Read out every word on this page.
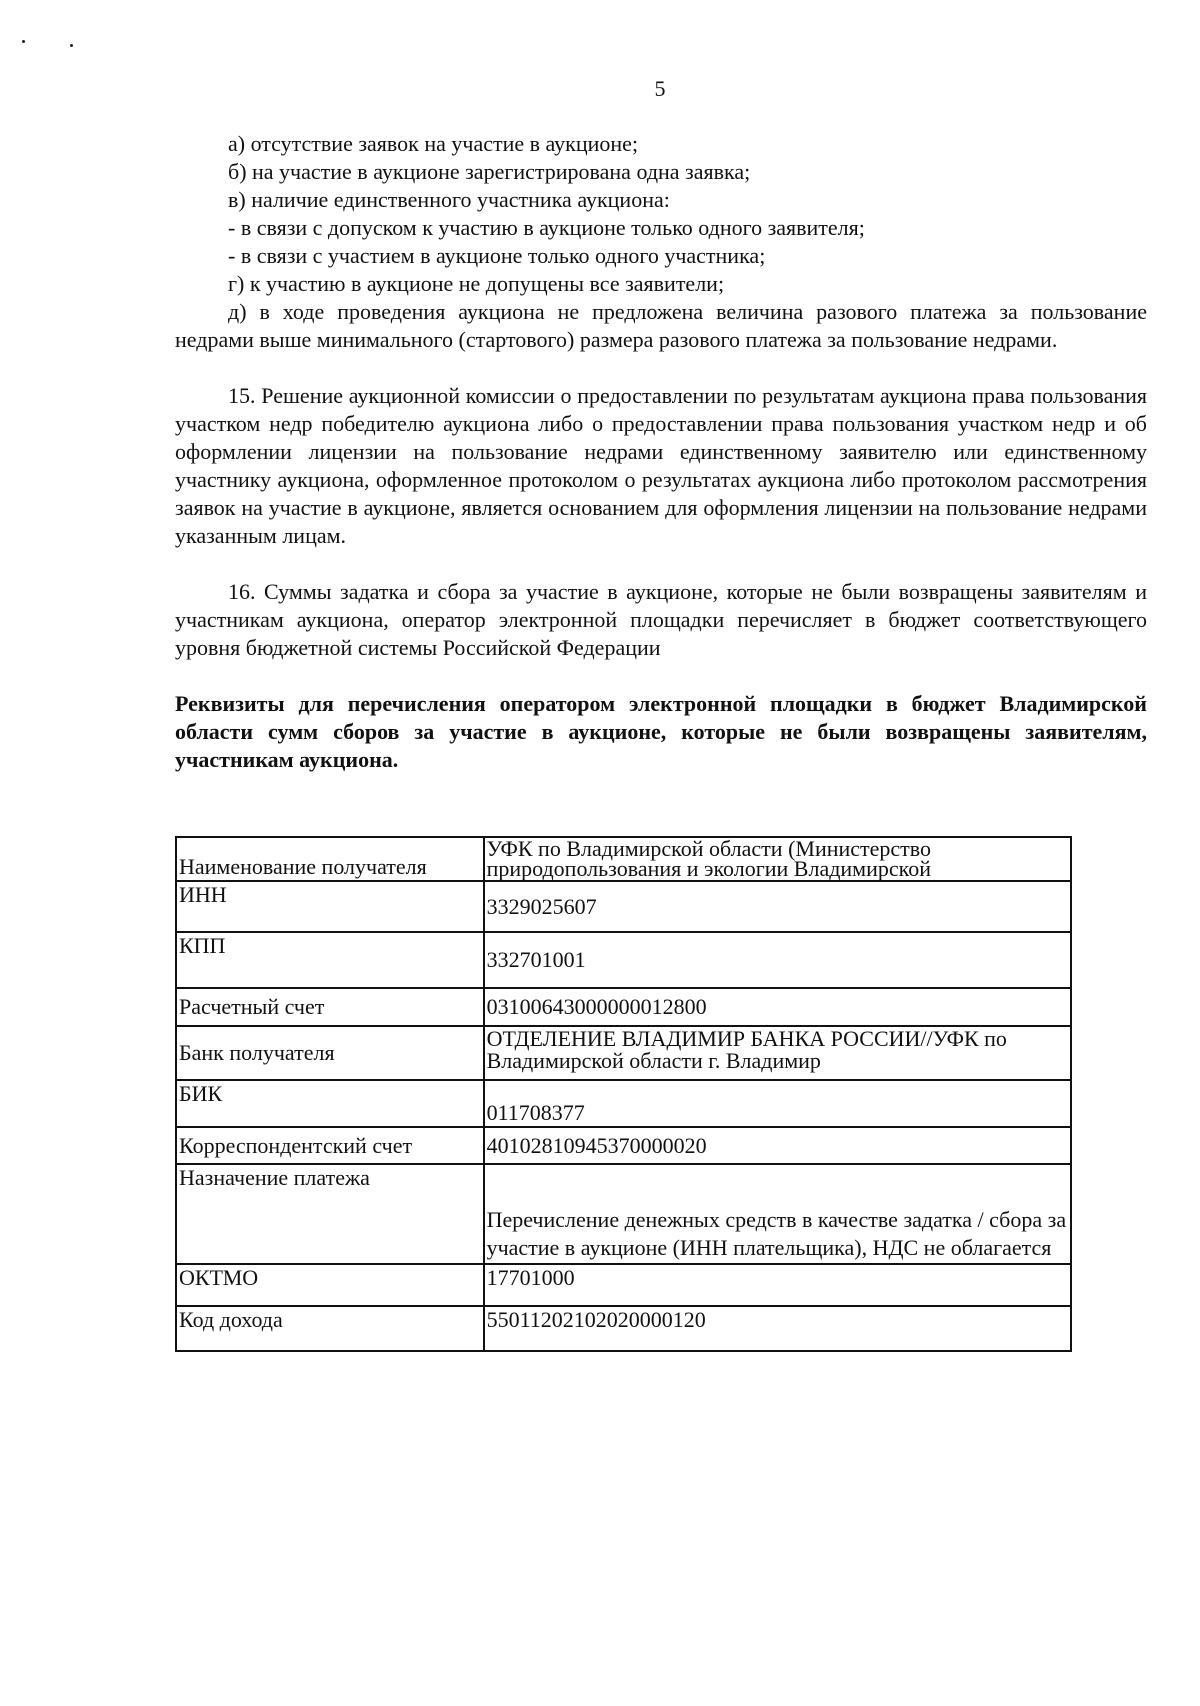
5
а) отсутствие заявок на участие в аукционе;
б) на участие в аукционе зарегистрирована одна заявка;
в) наличие единственного участника аукциона:
- в связи с допуском к участию в аукционе только одного заявителя;
- в связи с участием в аукционе только одного участника;
г) к участию в аукционе не допущены все заявители;

д) в ходе проведения аукциона не предложена величина разового платежа за пользование недрами выше минимального (стартового) размера разового платежа за пользование недрами.

15. Решение аукционной комиссии о предоставлении по результатам аукциона права пользования участком недр победителю аукциона либо о предоставлении права пользования участком недр и об оформлении лицензии на пользование недрами единственному заявителю или единственному участнику аукциона, оформленное протоколом о результатах аукциона либо протоколом рассмотрения заявок на участие в аукционе, является основанием для оформления лицензии на пользование недрами указанным лицам.

16. Суммы задатка и сбора за участие в аукционе, которые не были возвращены заявителям и участникам аукциона, оператор электронной площадки перечисляет в бюджет соответствующего уровня бюджетной системы Российской Федерации

Реквизиты для перечисления оператором электронной площадки в бюджет Владимирской области сумм сборов за участие в аукционе, которые не были возвращены заявителям, участникам аукциона.

Наименование получателя	УФК по Владимирской области (Министерство природопользования и экологии Владимирской
ИНН	3329025607
КПП	332701001
Расчетный счет	03100643000000012800
Банк получателя	ОТДЕЛЕНИЕ ВЛАДИМИР БАНКА РОССИИ//УФК по Владимирской области г. Владимир
БИК	011708377
Корреспондентский счет	40102810945370000020
Назначение платежа	Перечисление денежных средств в качестве задатка / сбора за участие в аукционе (ИНН плательщика), НДС не облагается
ОКТМО	17701000
Код дохода	55011202102020000120
